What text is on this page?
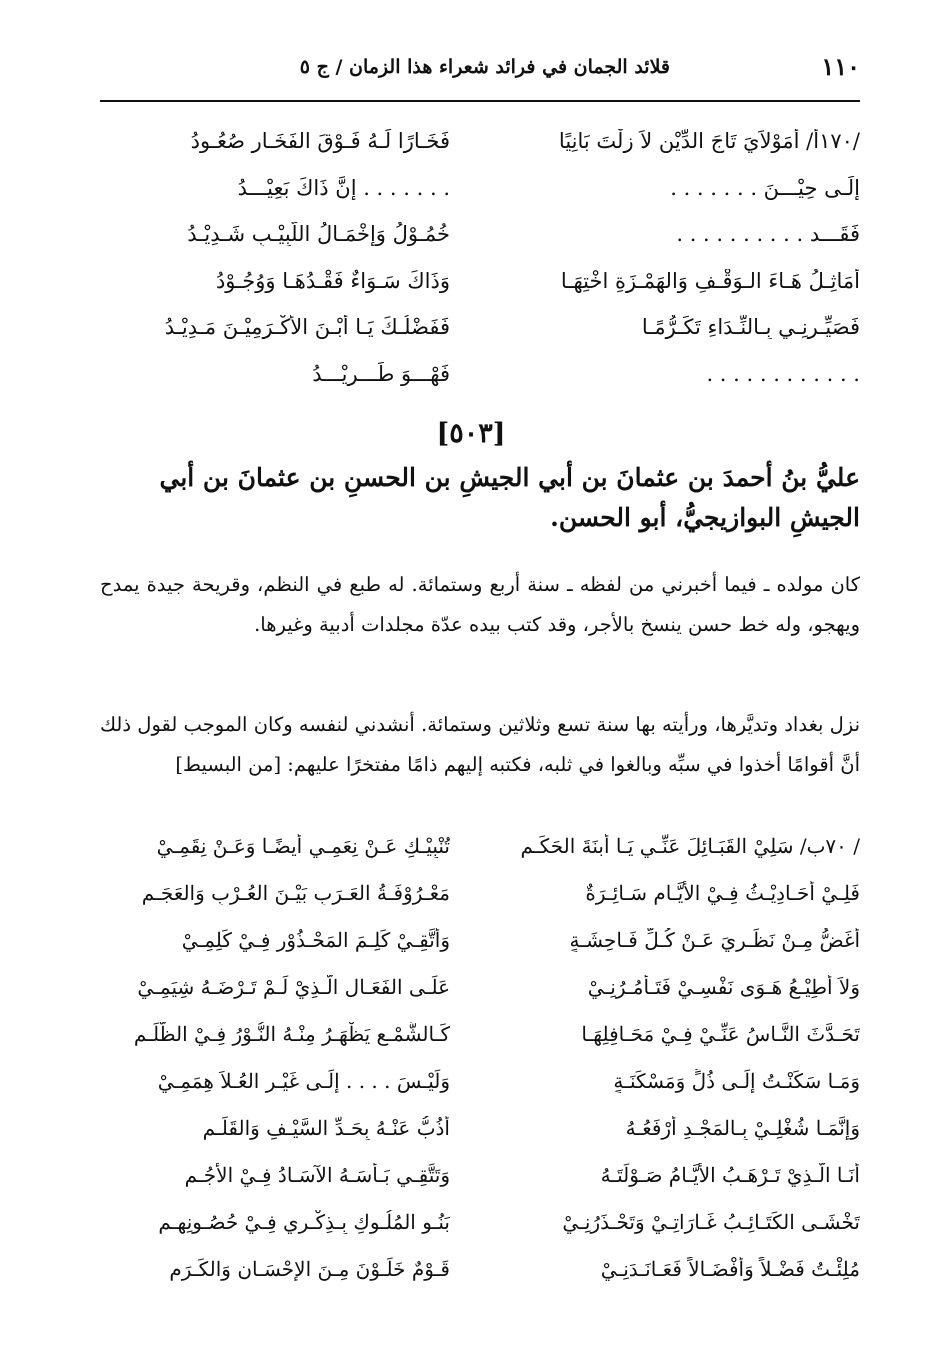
١١٠
قلائد الجمان في فرائد شعراء هذا الزمان / ج ٥
/١٧٠أ/ أَمَوْلاَيَ تَاجَ الدِّيْنِ لاَ زِلْتَ بَانِيًا
فَخَـارًا لَـهُ فَـوْقَ الفَخَـارِ صُعُـودُ
إِلَـى حِيْـــنَ . . . . . . .
. . . . . . . إِنَّ ذَاكَ بَعِيْـــدُ
فَقَـــد . . . . . . . . . .
خُمُـوْلُ وَإِخْمَـالُ اللَّبِيْـبِ شَـدِيْـدُ
أَمَاثِـلُ هَـاءَ الـوَقْـفِ وَالهَمْـزَةِ اخْتِهَـا
وَذَاكَ سَـوَاءٌ فَقْـدُهَـا وَوُجُـوْدُ
فَصَيِّـرنِـي بِـالنِّـدَاءِ تَكَـرُّمًـا
فَفَضْلُـكَ يَـا أَبْـنَ الأَكْـرَمِيْـنَ مَـدِيْـدُ
. . . . . . . . . . . .
فَهْـــوَ طَـــرِيْـــدُ
[٥٠٣]
عليُّ بنُ أحمدَ بن عثمانَ بن أبي الجيشِ بن الحسنِ بن عثمانَ بن أبي الجيشِ البوازيجيُّ، أبو الحسن.
كان مولده ـ فيما أخبرني من لفظه ـ سنة أربع وستمائة. له طبع في النظم، وقريحة جيدة يمدح ويهجو، وله خط حسن ينسخ بالأجر، وقد كتب بيده عدّة مجلدات أدبية وغيرها.
نزل بغداد وتديَّرها، ورأيته بها سنة تسع وثلاثين وستمائة. أنشدني لنفسه وكان الموجب لقول ذلك أنَّ أقوامًا أخذوا في سبِّه وبالغوا في ثلبه، فكتبه إليهم ذامًا مفتخرًا عليهم: [من البسيط]
/ ٧٠ب/ سَلِيْ القَبَـائِلَ عَنِّـي يَـا أبنَةَ الحَكَـمِ
تُنْبِيْـكِ عَـنْ نِعَمِـي أَيضًـا وَعَـنْ نِقَمِـيْ
فَلِـيْ أَحَـادِيْـثُ فِـيْ الأَيَّـامِ سَـائِـرَةٌ
مَعْـرُوْفَـةُ العَـرَبِ بَيْـنَ العُـرْبِ وَالعَجَـمِ
أُغَضُّ مِـنْ نَظَـرِيَ عَـنْ كُـلِّ فَـاحِشَـةٍ
وَأَتَّقِـيْ كَلِـمَ المَحْـذُوْرِ فِـيْ كَلِمِـيْ
وَلاَ أُطِيْـعُ هَـوَى نَفْسِـيْ فَتَـأْمُـرُنِـيْ
عَلَـى الفَعَـالِ الَّـذِيْ لَـمْ تَـرْضَـهُ شِيَمِـيْ
تَحَـدَّثَ النَّـاسُ عَنِّـيْ فِـيْ مَحَـافِلِهَـا
كَـالشَّمْـعِ يَظْهَـرُ مِنْـهُ النُّـوْرُ فِـيْ الظُّلَـمِ
وَمَـا سَكَنْـتُ إِلَـى ذُلٍّ وَمَسْكَنَـةٍ
وَلَيْـسَ . . . . إِلَـى غَيْـرِ العُـلاَ هِمَمِـيْ
وَإِنَّمَـا شُغْلِـيْ بِـالمَجْـدِ أَرْفَعُـهُ
أَذُبُّ عَنْـهُ بِحَـدِّ السَّيْـفِ وَالقَلَـمِ
أَنَـا الَّـذِيْ تَـرْهَـبُ الأَيَّـامُ صَـوْلَتَـهُ
وَتَتَّقِـي بَـأْسَـهُ الآسَـادُ فِـيْ الأُجُـمِ
تَخْشَـى الكَتَـائِـبُ غَـارَاتِـيْ وَتَحْـذَرُنِـيْ
بَنُـو المُلُـوكِ بِـذِكْـرِي فِـيْ حُصُـونِهِـمِ
مُلِئْـتُ فَضْـلاً وَأفْضَـالاً فَعَـانَـدَنِـيْ
قَـوْمٌ خَلَـوْنَ مِـنَ الإِحْسَـانِ وَالكَـرَمِ
